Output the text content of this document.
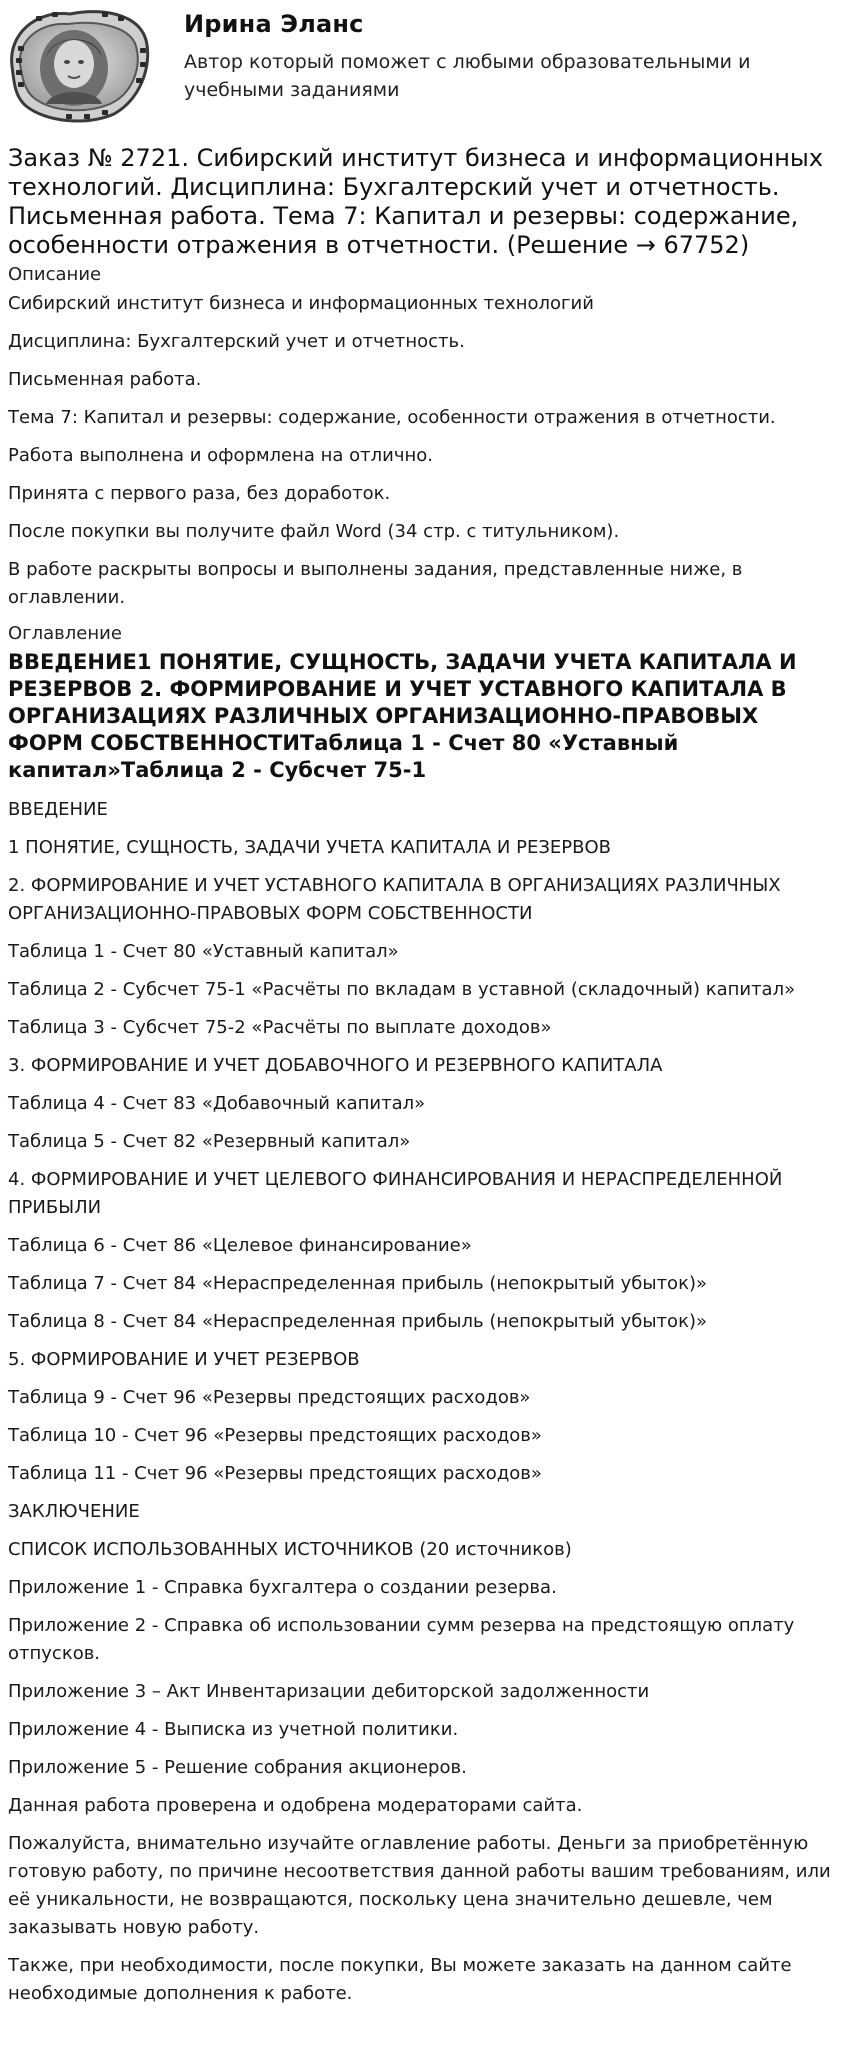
Ирина Эланс
Автор который поможет с любыми образовательными и учебными заданиями
Заказ № 2721. Сибирский институт бизнеса и информационных технологий. Дисциплина: Бухгалтерский учет и отчетность. Письменная работа. Тема 7: Капитал и резервы: содержание, особенности отражения в отчетности. (Решение → 67752)
Описание

Сибирский институт бизнеса и информационных технологий

Дисциплина: Бухгалтерский учет и отчетность.

Письменная работа.

Тема 7: Капитал и резервы: содержание, особенности отражения в отчетности.

Работа выполнена и оформлена на отлично.

Принята с первого раза, без доработок.

После покупки вы получите файл Word (34 стр. с титульником).

В работе раскрыты вопросы и выполнены задания, представленные ниже, в оглавлении.

Оглавление
ВВЕДЕНИЕ1 ПОНЯТИЕ, СУЩНОСТЬ, ЗАДАЧИ УЧЕТА КАПИТАЛА И РЕЗЕРВОВ 2. ФОРМИРОВАНИЕ И УЧЕТ УСТАВНОГО КАПИТАЛА В ОРГАНИЗАЦИЯХ РАЗЛИЧНЫХ ОРГАНИЗАЦИОННО-ПРАВОВЫХ ФОРМ СОБСТВЕННОСТИТаблица 1 - Счет 80 «Уставный капитал»Таблица 2 - Субсчет 75-1

ВВЕДЕНИЕ

1 ПОНЯТИЕ, СУЩНОСТЬ, ЗАДАЧИ УЧЕТА КАПИТАЛА И РЕЗЕРВОВ

2. ФОРМИРОВАНИЕ И УЧЕТ УСТАВНОГО КАПИТАЛА В ОРГАНИЗАЦИЯХ РАЗЛИЧНЫХ ОРГАНИЗАЦИОННО-ПРАВОВЫХ ФОРМ СОБСТВЕННОСТИ

Таблица 1 - Счет 80 «Уставный капитал»

Таблица 2 - Субсчет 75-1 «Расчёты по вкладам в уставной (складочный) капитал»

Таблица 3 - Субсчет 75-2 «Расчёты по выплате доходов»

3. ФОРМИРОВАНИЕ И УЧЕТ ДОБАВОЧНОГО И РЕЗЕРВНОГО КАПИТАЛА

Таблица 4 - Счет 83 «Добавочный капитал»

Таблица 5 - Счет 82 «Резервный капитал»

4. ФОРМИРОВАНИЕ И УЧЕТ ЦЕЛЕВОГО ФИНАНСИРОВАНИЯ И НЕРАСПРЕДЕЛЕННОЙ ПРИБЫЛИ

Таблица 6 - Счет 86 «Целевое финансирование»

Таблица 7 - Счет 84 «Нераспределенная прибыль (непокрытый убыток)»

Таблица 8 - Счет 84 «Нераспределенная прибыль (непокрытый убыток)»

5. ФОРМИРОВАНИЕ И УЧЕТ РЕЗЕРВОВ

Таблица 9 - Счет 96 «Резервы предстоящих расходов»

Таблица 10 - Счет 96 «Резервы предстоящих расходов»

Таблица 11 - Счет 96 «Резервы предстоящих расходов»

ЗАКЛЮЧЕНИЕ

СПИСОК ИСПОЛЬЗОВАННЫХ ИСТОЧНИКОВ (20 источников)

Приложение 1 - Справка бухгалтера о создании резерва.

Приложение 2 - Справка об использовании сумм резерва на предстоящую оплату отпусков.

Приложение 3 – Акт Инвентаризации дебиторской задолженности

Приложение 4 - Выписка из учетной политики.

Приложение 5 - Решение собрания акционеров.

Данная работа проверена и одобрена модераторами сайта.

Пожалуйста, внимательно изучайте оглавление работы. Деньги за приобретённую готовую работу, по причине несоответствия данной работы вашим требованиям, или её уникальности, не возвращаются, поскольку цена значительно дешевле, чем заказывать новую работу.

Также, при необходимости, после покупки, Вы можете заказать на данном сайте необходимые дополнения к работе.
